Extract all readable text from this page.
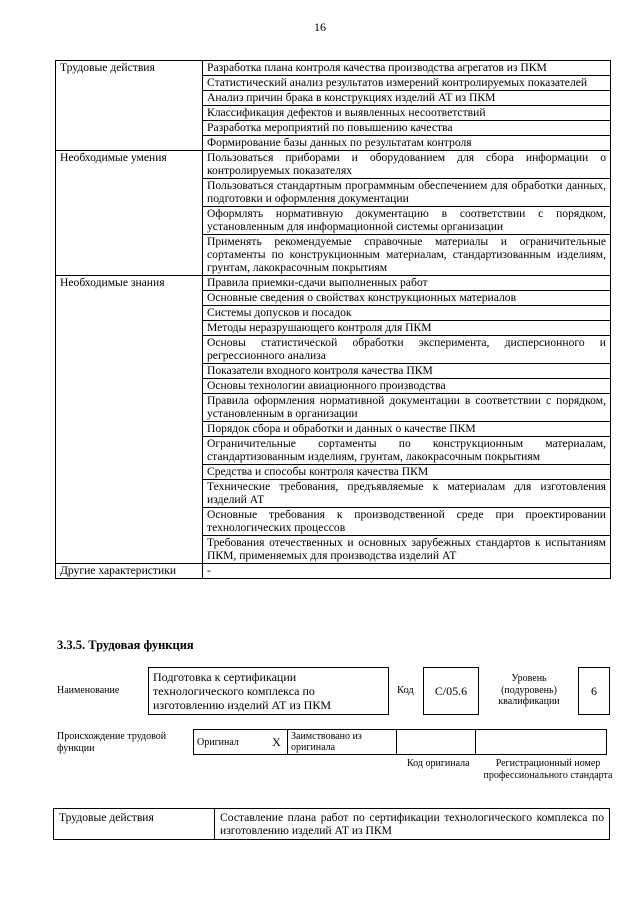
16
Трудовые действия	Разработка плана контроля качества производства агрегатов из ПКМ
	Статистический анализ результатов измерений контролируемых показателей
	Анализ причин брака в конструкциях изделий АТ из ПКМ
	Классификация дефектов и выявленных несоответствий
	Разработка мероприятий по повышению качества
	Формирование базы данных по результатам контроля
Необходимые умения	Пользоваться приборами и оборудованием для сбора информации о контролируемых показателях
	Пользоваться стандартным программным обеспечением для обработки данных, подготовки и оформления документации
	Оформлять нормативную документацию в соответствии с порядком, установленным для информационной системы организации
	Применять рекомендуемые справочные материалы и ограничительные сортаменты по конструкционным материалам, стандартизованным изделиям, грунтам, лакокрасочным покрытиям
Необходимые знания	Правила приемки-сдачи выполненных работ
	Основные сведения о свойствах конструкционных материалов
	Системы допусков и посадок
	Методы неразрушающего контроля для ПКМ
	Основы статистической обработки эксперимента, дисперсионного и регрессионного анализа
	Показатели входного контроля качества ПКМ
	Основы технологии авиационного производства
	Правила оформления нормативной документации в соответствии с порядком, установленным в организации
	Порядок сбора и обработки и данных о качестве ПКМ
	Ограничительные сортаменты по конструкционным материалам, стандартизованным изделиям, грунтам, лакокрасочным покрытиям
	Средства и способы контроля качества ПКМ
	Технические требования, предъявляемые к материалам для изготовления изделий АТ
	Основные требования к производственной среде при проектировании технологических процессов
	Требования отечественных и основных зарубежных стандартов к испытаниям ПКМ, применяемых для производства изделий АТ
Другие характеристики	-
3.3.5. Трудовая функция
Наименование
Подготовка к сертификации технологического комплекса по изготовлению изделий АТ из ПКМ
Код	C/05.6
Уровень (подуровень) квалификации
6
Происхождение трудовой функции
Оригинал	X	Заимствовано из оригинала		
Код оригинала	Регистрационный номер профессионального стандарта
Трудовые действия	Составление плана работ по сертификации технологического комплекса по изготовлению изделий АТ из ПКМ
